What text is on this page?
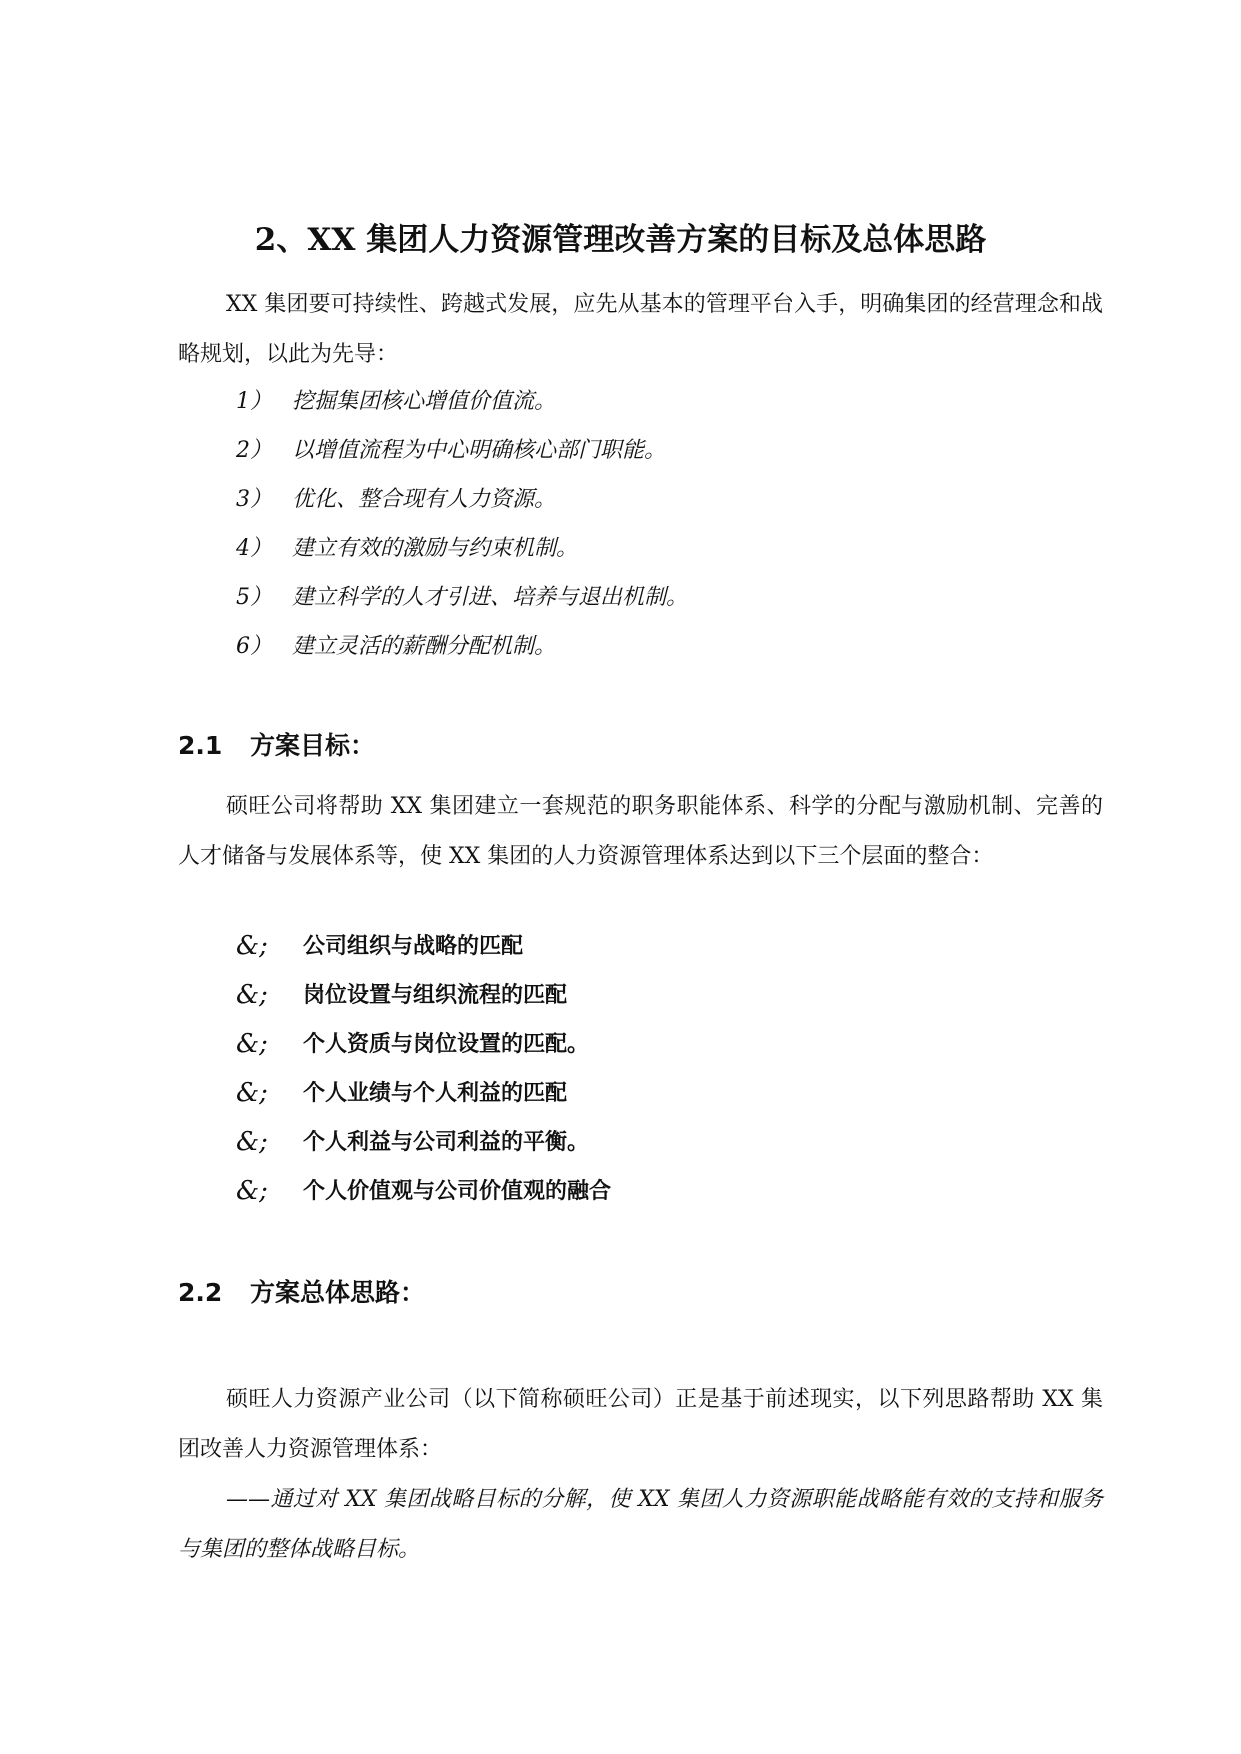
2、XX 集团人力资源管理改善方案的目标及总体思路

XX 集团要可持续性、跨越式发展，应先从基本的管理平台入手，明确集团的经营理念和战略规划，以此为先导：

1） 挖掘集团核心增值价值流。
2） 以增值流程为中心明确核心部门职能。
3） 优化、整合现有人力资源。
4） 建立有效的激励与约束机制。
5） 建立科学的人才引进、培养与退出机制。
6） 建立灵活的薪酬分配机制。
2.1 方案目标：

硕旺公司将帮助 XX 集团建立一套规范的职务职能体系、科学的分配与激励机制、完善的人才储备与发展体系等，使 XX 集团的人力资源管理体系达到以下三个层面的整合：

&;	公司组织与战略的匹配
&;	岗位设置与组织流程的匹配
&;	个人资质与岗位设置的匹配。
&;	个人业绩与个人利益的匹配
&;	个人利益与公司利益的平衡。
&;	个人价值观与公司价值观的融合
2.2 方案总体思路：

硕旺人力资源产业公司（以下简称硕旺公司）正是基于前述现实，以下列思路帮助 XX 集团改善人力资源管理体系：

——通过对 XX 集团战略目标的分解，使 XX 集团人力资源职能战略能有效的支持和服务与集团的整体战略目标。
